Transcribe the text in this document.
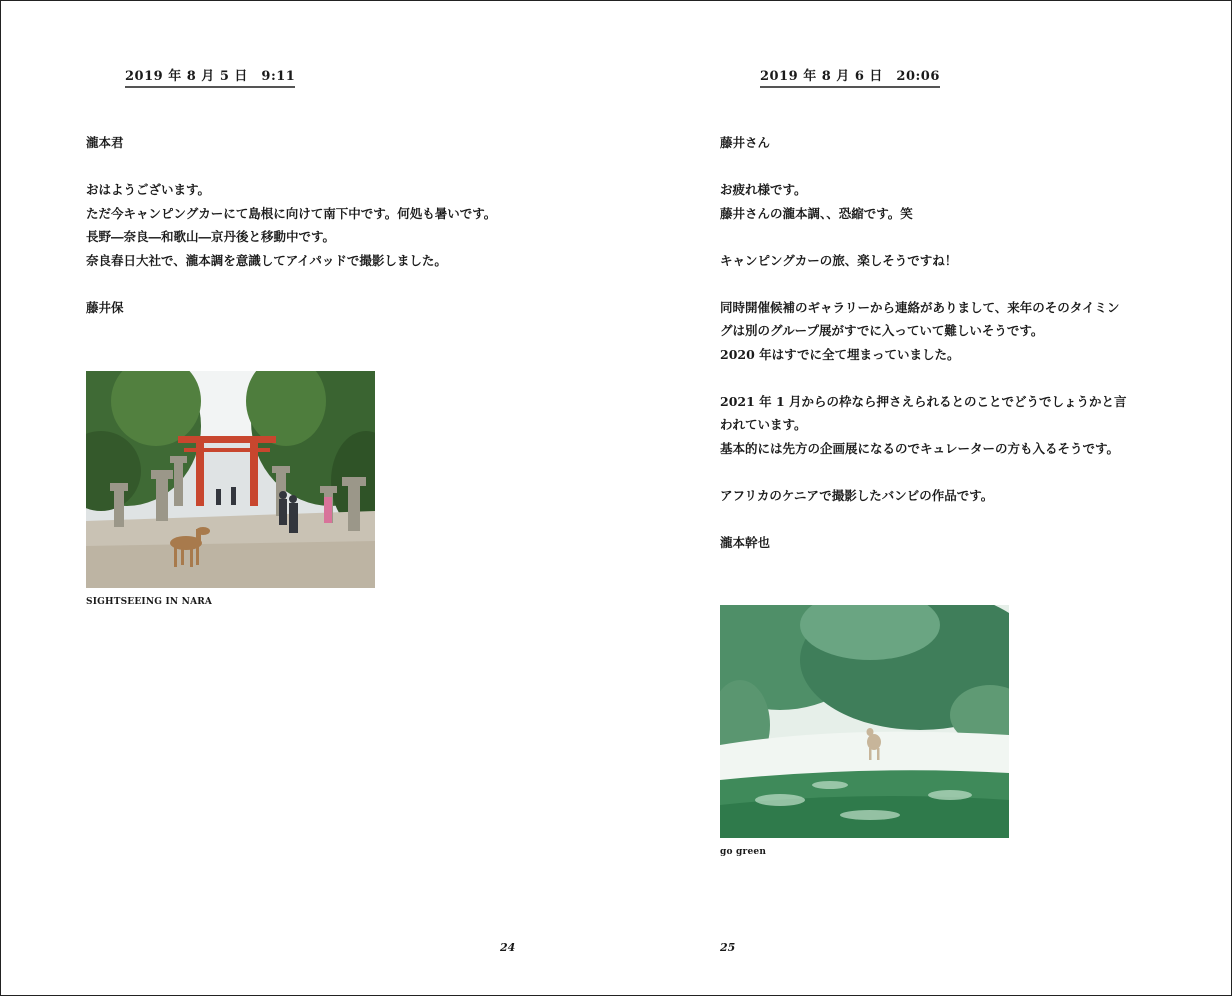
2019 年 8 月 5 日　9:11

瀧本君

おはようございます。
ただ今キャンピングカーにて島根に向けて南下中です。何処も暑いです。
長野―奈良―和歌山―京丹後と移動中です。
奈良春日大社で、瀧本調を意識してアイパッドで撮影しました。

藤井保

SIGHTSEEING IN NARA
24
2019 年 8 月 6 日　20:06

藤井さん

お疲れ様です。
藤井さんの瀧本調、、恐縮です。笑

キャンピングカーの旅、楽しそうですね！

同時開催候補のギャラリーから連絡がありまして、来年のそのタイミン
グは別のグループ展がすでに入っていて難しいそうです。
2020 年はすでに全て埋まっていました。

2021 年 1 月からの枠なら押さえられるとのことでどうでしょうかと言
われています。
基本的には先方の企画展になるのでキュレーターの方も入るそうです。

アフリカのケニアで撮影したバンビの作品です。

瀧本幹也

go green
25
